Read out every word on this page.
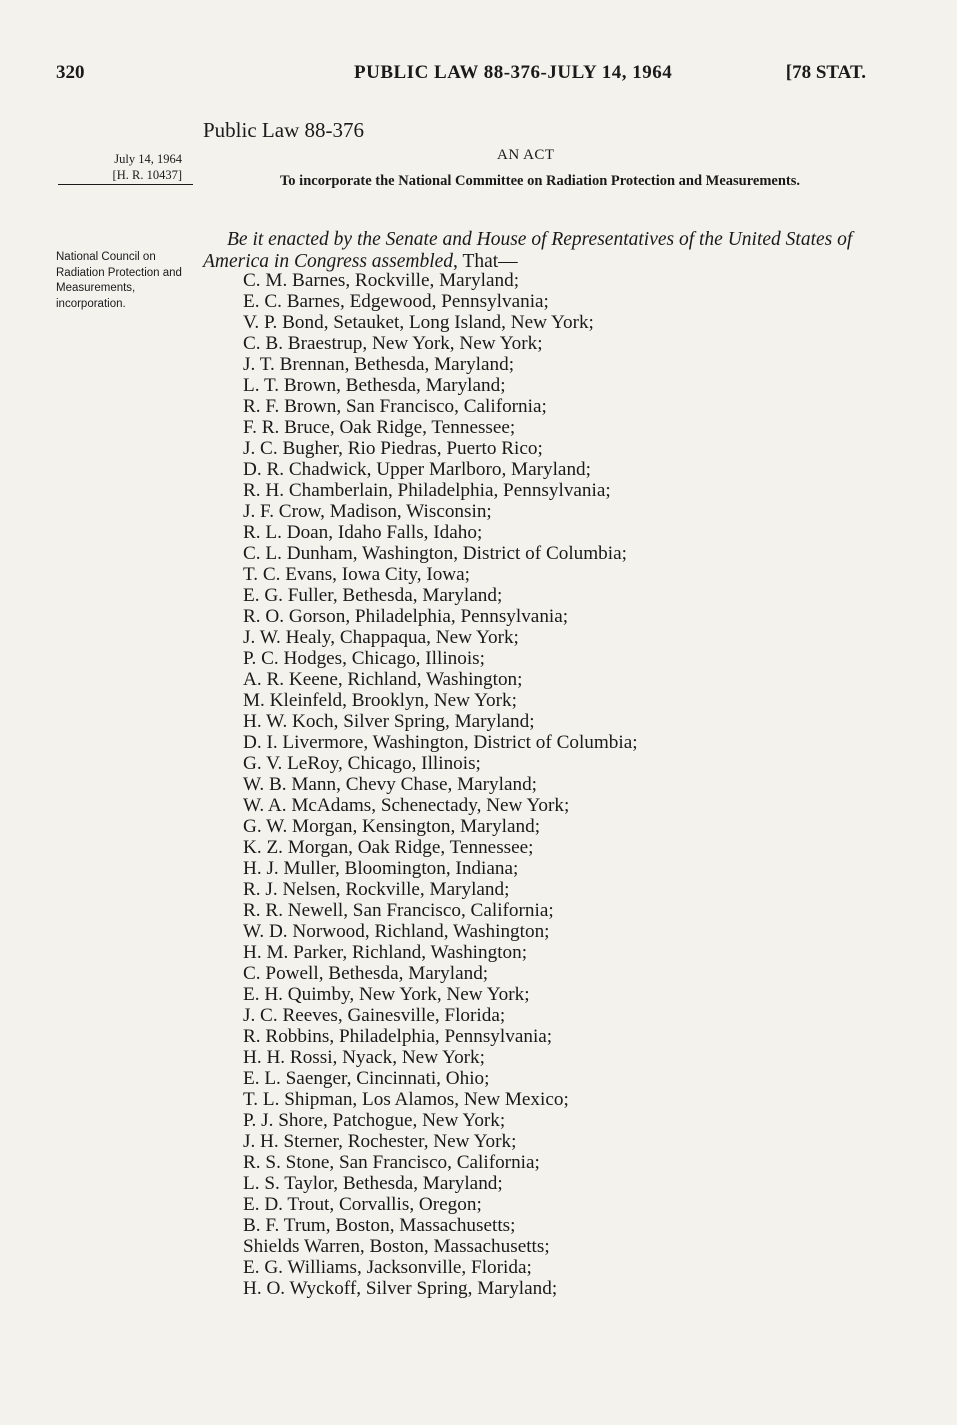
320	PUBLIC LAW 88-376-JULY 14, 1964	[78 STAT.
Public Law 88-376
July 14, 1964
[H. R. 10437]
AN ACT
To incorporate the National Committee on Radiation Protection and Measurements.
National Council on Radiation Protection and Measurements, incorporation.
Be it enacted by the Senate and House of Representatives of the United States of America in Congress assembled, That—
C. M. Barnes, Rockville, Maryland;
E. C. Barnes, Edgewood, Pennsylvania;
V. P. Bond, Setauket, Long Island, New York;
C. B. Braestrup, New York, New York;
J. T. Brennan, Bethesda, Maryland;
L. T. Brown, Bethesda, Maryland;
R. F. Brown, San Francisco, California;
F. R. Bruce, Oak Ridge, Tennessee;
J. C. Bugher, Rio Piedras, Puerto Rico;
D. R. Chadwick, Upper Marlboro, Maryland;
R. H. Chamberlain, Philadelphia, Pennsylvania;
J. F. Crow, Madison, Wisconsin;
R. L. Doan, Idaho Falls, Idaho;
C. L. Dunham, Washington, District of Columbia;
T. C. Evans, Iowa City, Iowa;
E. G. Fuller, Bethesda, Maryland;
R. O. Gorson, Philadelphia, Pennsylvania;
J. W. Healy, Chappaqua, New York;
P. C. Hodges, Chicago, Illinois;
A. R. Keene, Richland, Washington;
M. Kleinfeld, Brooklyn, New York;
H. W. Koch, Silver Spring, Maryland;
D. I. Livermore, Washington, District of Columbia;
G. V. LeRoy, Chicago, Illinois;
W. B. Mann, Chevy Chase, Maryland;
W. A. McAdams, Schenectady, New York;
G. W. Morgan, Kensington, Maryland;
K. Z. Morgan, Oak Ridge, Tennessee;
H. J. Muller, Bloomington, Indiana;
R. J. Nelsen, Rockville, Maryland;
R. R. Newell, San Francisco, California;
W. D. Norwood, Richland, Washington;
H. M. Parker, Richland, Washington;
C. Powell, Bethesda, Maryland;
E. H. Quimby, New York, New York;
J. C. Reeves, Gainesville, Florida;
R. Robbins, Philadelphia, Pennsylvania;
H. H. Rossi, Nyack, New York;
E. L. Saenger, Cincinnati, Ohio;
T. L. Shipman, Los Alamos, New Mexico;
P. J. Shore, Patchogue, New York;
J. H. Sterner, Rochester, New York;
R. S. Stone, San Francisco, California;
L. S. Taylor, Bethesda, Maryland;
E. D. Trout, Corvallis, Oregon;
B. F. Trum, Boston, Massachusetts;
Shields Warren, Boston, Massachusetts;
E. G. Williams, Jacksonville, Florida;
H. O. Wyckoff, Silver Spring, Maryland;
